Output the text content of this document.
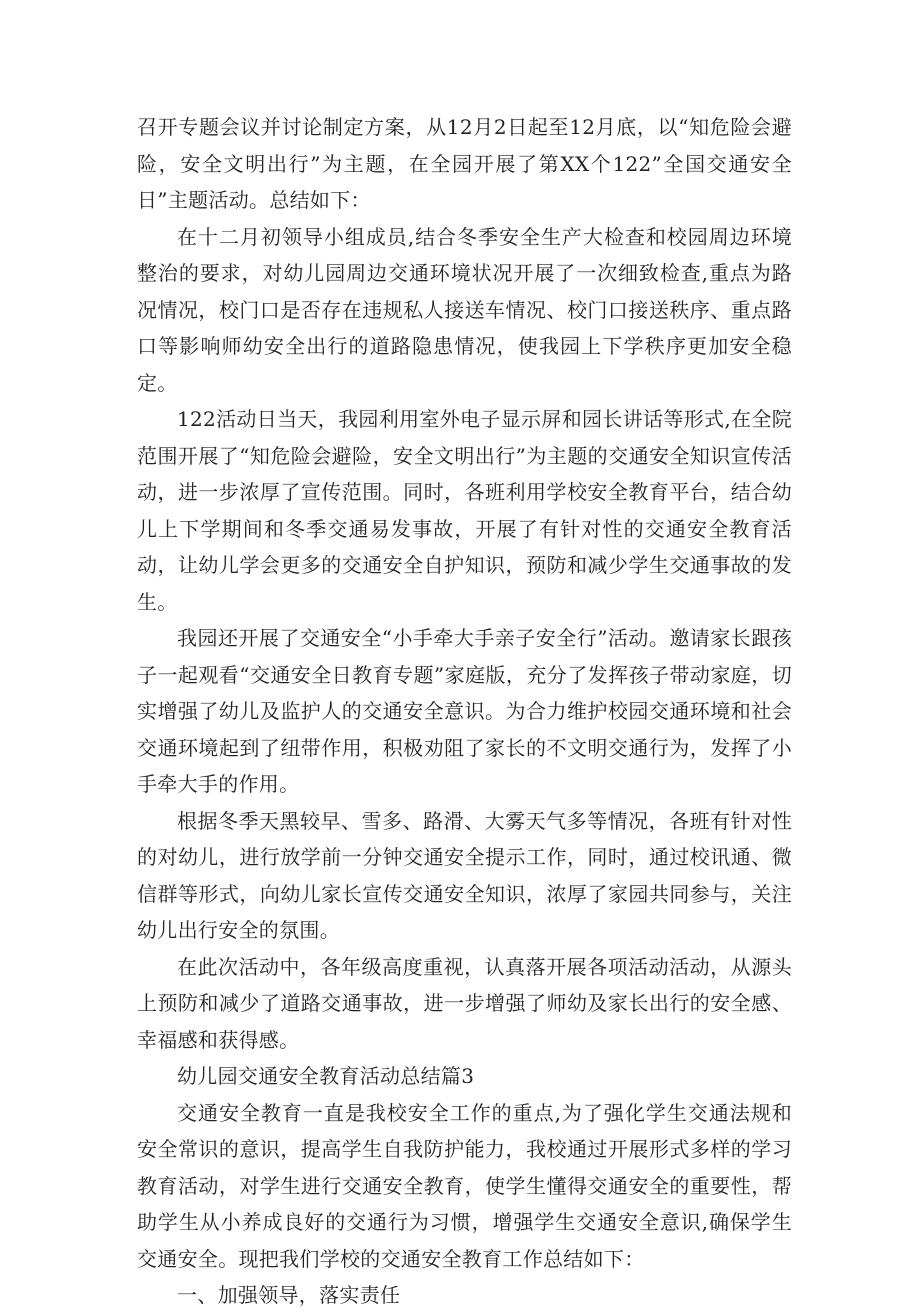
召开专题会议并讨论制定方案，从12月2日起至12月底，以“知危险会避险，安全文明出行”为主题，在全园开展了第XX个122”全国交通安全日”主题活动。总结如下：

在十二月初领导小组成员,结合冬季安全生产大检查和校园周边环境整治的要求，对幼儿园周边交通环境状况开展了一次细致检查,重点为路况情况，校门口是否存在违规私人接送车情况、校门口接送秩序、重点路口等影响师幼安全出行的道路隐患情况，使我园上下学秩序更加安全稳定。

122活动日当天，我园利用室外电子显示屏和园长讲话等形式,在全院范围开展了“知危险会避险，安全文明出行”为主题的交通安全知识宣传活动，进一步浓厚了宣传范围。同时，各班利用学校安全教育平台，结合幼儿上下学期间和冬季交通易发事故，开展了有针对性的交通安全教育活动，让幼儿学会更多的交通安全自护知识，预防和减少学生交通事故的发生。

我园还开展了交通安全“小手牵大手亲子安全行”活动。邀请家长跟孩子一起观看“交通安全日教育专题”家庭版，充分了发挥孩子带动家庭，切实增强了幼儿及监护人的交通安全意识。为合力维护校园交通环境和社会交通环境起到了纽带作用，积极劝阻了家长的不文明交通行为，发挥了小手牵大手的作用。

根据冬季天黑较早、雪多、路滑、大雾天气多等情况，各班有针对性的对幼儿，进行放学前一分钟交通安全提示工作，同时，通过校讯通、微信群等形式，向幼儿家长宣传交通安全知识，浓厚了家园共同参与，关注幼儿出行安全的氛围。

在此次活动中，各年级高度重视，认真落开展各项活动活动，从源头上预防和减少了道路交通事故，进一步增强了师幼及家长出行的安全感、幸福感和获得感。

幼儿园交通安全教育活动总结篇3

交通安全教育一直是我校安全工作的重点,为了强化学生交通法规和安全常识的意识，提高学生自我防护能力，我校通过开展形式多样的学习教育活动，对学生进行交通安全教育，使学生懂得交通安全的重要性，帮助学生从小养成良好的交通行为习惯，增强学生交通安全意识,确保学生交通安全。现把我们学校的交通安全教育工作总结如下：

一、加强领导，落实责任
